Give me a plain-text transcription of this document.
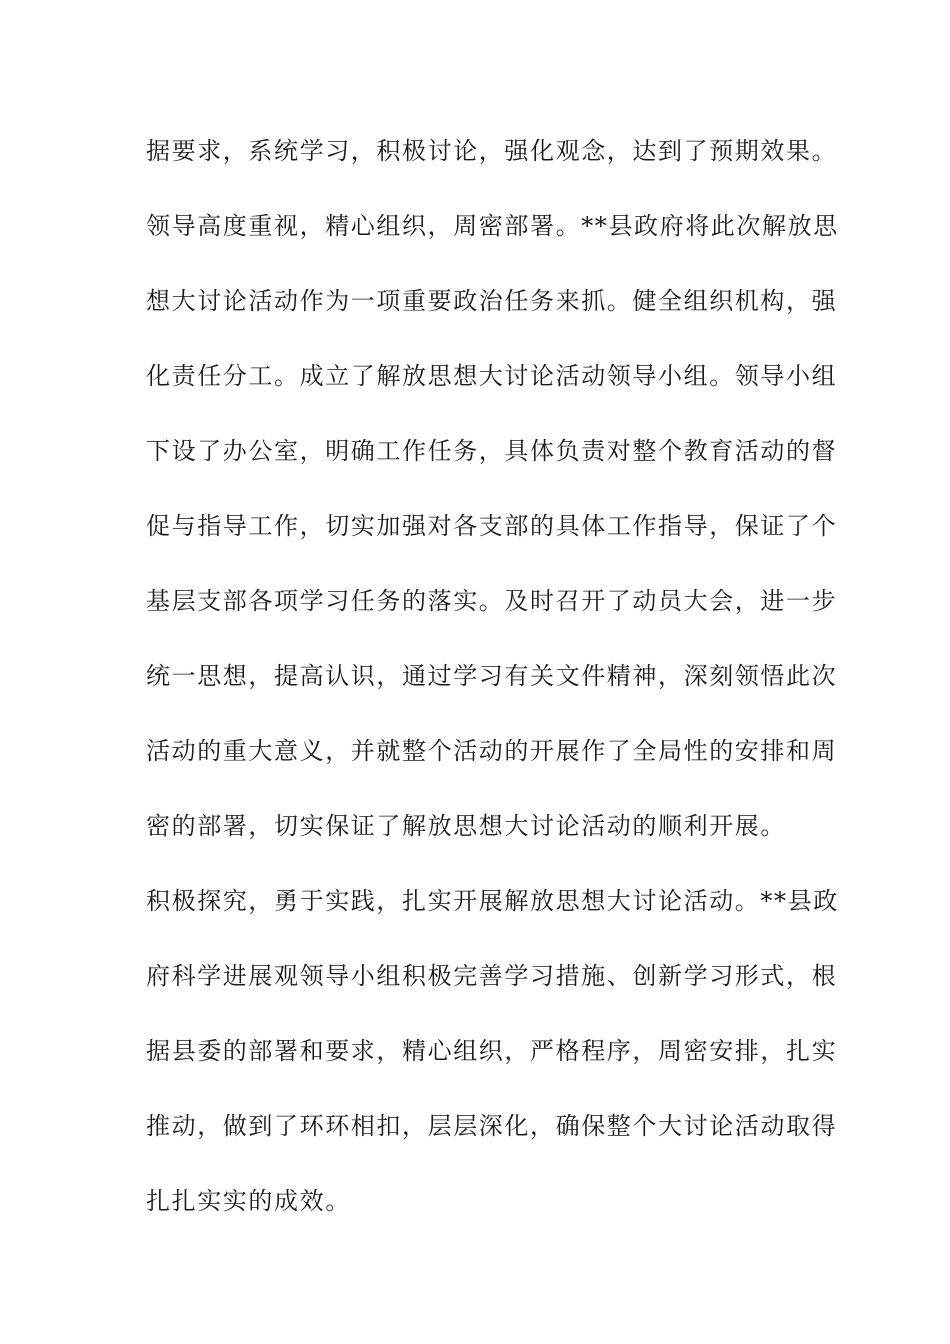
据要求，系统学习，积极讨论，强化观念，达到了预期效果。
领导高度重视，精心组织，周密部署。**县政府将此次解放思
想大讨论活动作为一项重要政治任务来抓。健全组织机构，强
化责任分工。成立了解放思想大讨论活动领导小组。领导小组
下设了办公室，明确工作任务，具体负责对整个教育活动的督
促与指导工作，切实加强对各支部的具体工作指导，保证了个
基层支部各项学习任务的落实。及时召开了动员大会，进一步
统一思想，提高认识，通过学习有关文件精神，深刻领悟此次
活动的重大意义，并就整个活动的开展作了全局性的安排和周
密的部署，切实保证了解放思想大讨论活动的顺利开展。
积极探究，勇于实践，扎实开展解放思想大讨论活动。**县政
府科学进展观领导小组积极完善学习措施、创新学习形式，根
据县委的部署和要求，精心组织，严格程序，周密安排，扎实
推动，做到了环环相扣，层层深化，确保整个大讨论活动取得
扎扎实实的成效。
